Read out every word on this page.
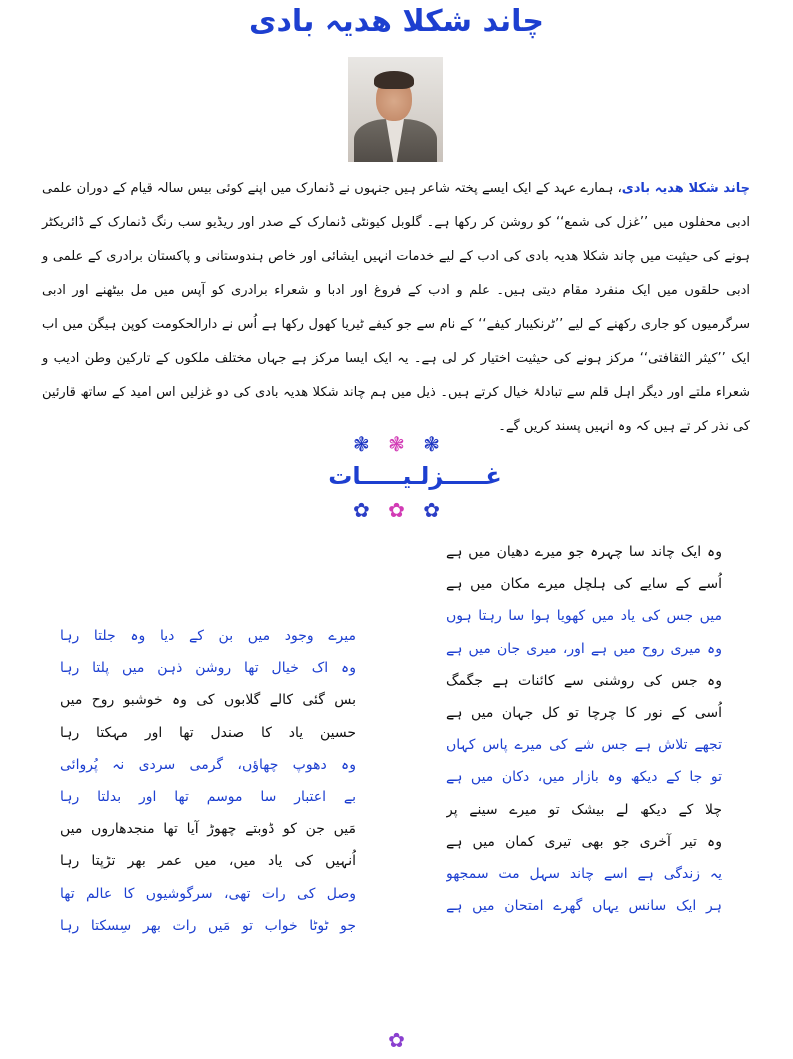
چاند شکلا ھدیہ بادی
چاند شکلا ھدیہ بادی، ہمارے عہد کے ایک ایسے پختہ شاعر ہیں جنہوں نے ڈنمارک میں اپنے کوئی بیس سالہ قیام کے دوران علمی ادبی محفلوں میں ’’غزل کی شمع‘‘ کو روشن کر رکھا ہے۔ گلوبل کیونٹی ڈنمارک کے صدر اور ریڈیو سب رنگ ڈنمارک کے ڈائریکٹر ہونے کی حیثیت میں چاند شکلا ھدیہ بادی کی ادب کے لیے خدمات انہیں ایشائی اور خاص ہندوستانی و پاکستان برادری کے علمی و ادبی حلقوں میں ایک منفرد مقام دیتی ہیں۔ علم و ادب کے فروغ اور ادبا و شعراء برادری کو آپس میں مل بیٹھنے اور ادبی سرگرمیوں کو جاری رکھنے کے لیے ’’ٹرنکیبار کیفے‘‘ کے نام سے جو کیفے ٹیریا کھول رکھا ہے اُس نے دارالحکومت کوپن ہیگن میں اب ایک ’’کیثر الثقافتی‘‘ مرکز ہونے کی حیثیت اختیار کر لی ہے۔ یہ ایک ایسا مرکز ہے جہاں مختلف ملکوں کے تارکین وطن ادیب و شعراء ملتے اور دیگر اہل قلم سے تبادلۂ خیال کرتے ہیں۔ ذیل میں ہم چاند شکلا ھدیہ بادی کی دو غزلیں اس امید کے ساتھ قارئین کی نذر کر تے ہیں کہ وہ انہیں پسند کریں گے۔
❃ ❃ ❃
غـــــزلـيـــــات
✿ ✿ ✿
وہ ایک چاند سا چہرہ جو میرے دھیان میں ہے
اُسے کے سایے کی ہلچل میرے مکان میں ہے
میں جس کی یاد میں کھویا ہوا سا رہتا ہوں
وہ میری روح میں ہے اور، میری جان میں ہے
وہ جس کی روشنی سے کائنات ہے جگمگ
اُسی کے نور کا چرچا تو کل جہان میں ہے
تجھے تلاش ہے جس شے کی میرے پاس کہاں
تو جا کے دیکھ وہ بازار میں، دکان میں ہے
چلا کے دیکھ لے بیشک تو میرے سینے پر
وہ تیر آخری جو بھی تیری کمان میں ہے
یہ زندگی ہے اسے چاند سہل مت سمجھو
ہر ایک سانس یہاں گھرے امتحان میں ہے
میرے وجود میں بن کے دیا وہ جلتا رہا
وہ اک خیال تھا روشن ذہن میں پلتا رہا
بس گئی کالے گلابوں کی وہ خوشبو روح میں
حسین یاد کا صندل تھا اور مہکتا رہا
وہ دھوپ چھاؤں، گرمی سردی نہ پُروائی
بے اعتبار سا موسم تھا اور بدلتا رہا
مَیں جن کو ڈوبتے چھوڑ آیا تھا منجدھاروں میں
اُنہیں کی یاد میں، میں عمر بھر تڑپتا رہا
وصل کی رات تھی، سرگوشیوں کا عالم تھا
جو ٹوٹا خواب تو مَیں رات بھر سِسکتا رہا
✿
